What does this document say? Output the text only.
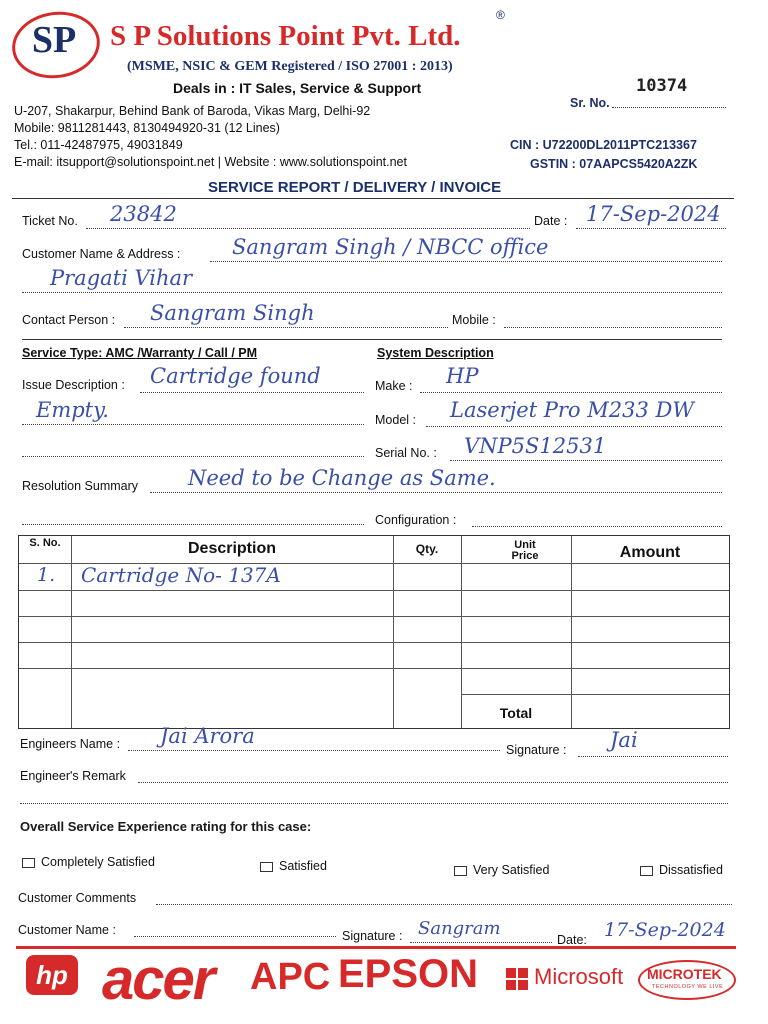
SP	S P Solutions Point Pvt. Ltd.
®
(MSME, NSIC & GEM Registered / ISO 27001 : 2013)
Deals in : IT Sales, Service & Support
U-207, Shakarpur, Behind Bank of Baroda, Vikas Marg, Delhi-92
Mobile: 9811281443, 8130494920-31 (12 Lines)
Tel.: 011-42487975, 49031849
E-mail: itsupport@solutionspoint.net | Website : www.solutionspoint.net
10374
Sr. No.
CIN : U72200DL2011PTC213367
GSTIN : 07AAPCS5420A2ZK
SERVICE REPORT / DELIVERY / INVOICE
Ticket No. 23842	Date : 17-Sep-2024
Customer Name & Address : Sangram Singh / NBCC office
Pragati Vihar
Contact Person : Sangram Singh	Mobile :
Service Type: AMC /Warranty / Call / PM
Issue Description : Cartridge found
Empty.
Resolution Summary Need to be Change as Same.
System Description
Make : HP
Model : Laserjet Pro M233 DW
Serial No. : VNP5S12531
Configuration :
S. No.	Description	Qty.	Unit Price	Amount
1. Cartridge No- 137A
Total
Engineers Name : Jai Arora
Signature : Jai
Engineer's Remark
Overall Service Experience rating for this case:
Completely Satisfied	Satisfied	Very Satisfied	Dissatisfied
Customer Comments
Customer Name :	Signature : Sangram
Date: 17-Sep-2024
hp acer APC EPSON	Microsoft MICROTEK
TECHNOLOGY WE LIVE
